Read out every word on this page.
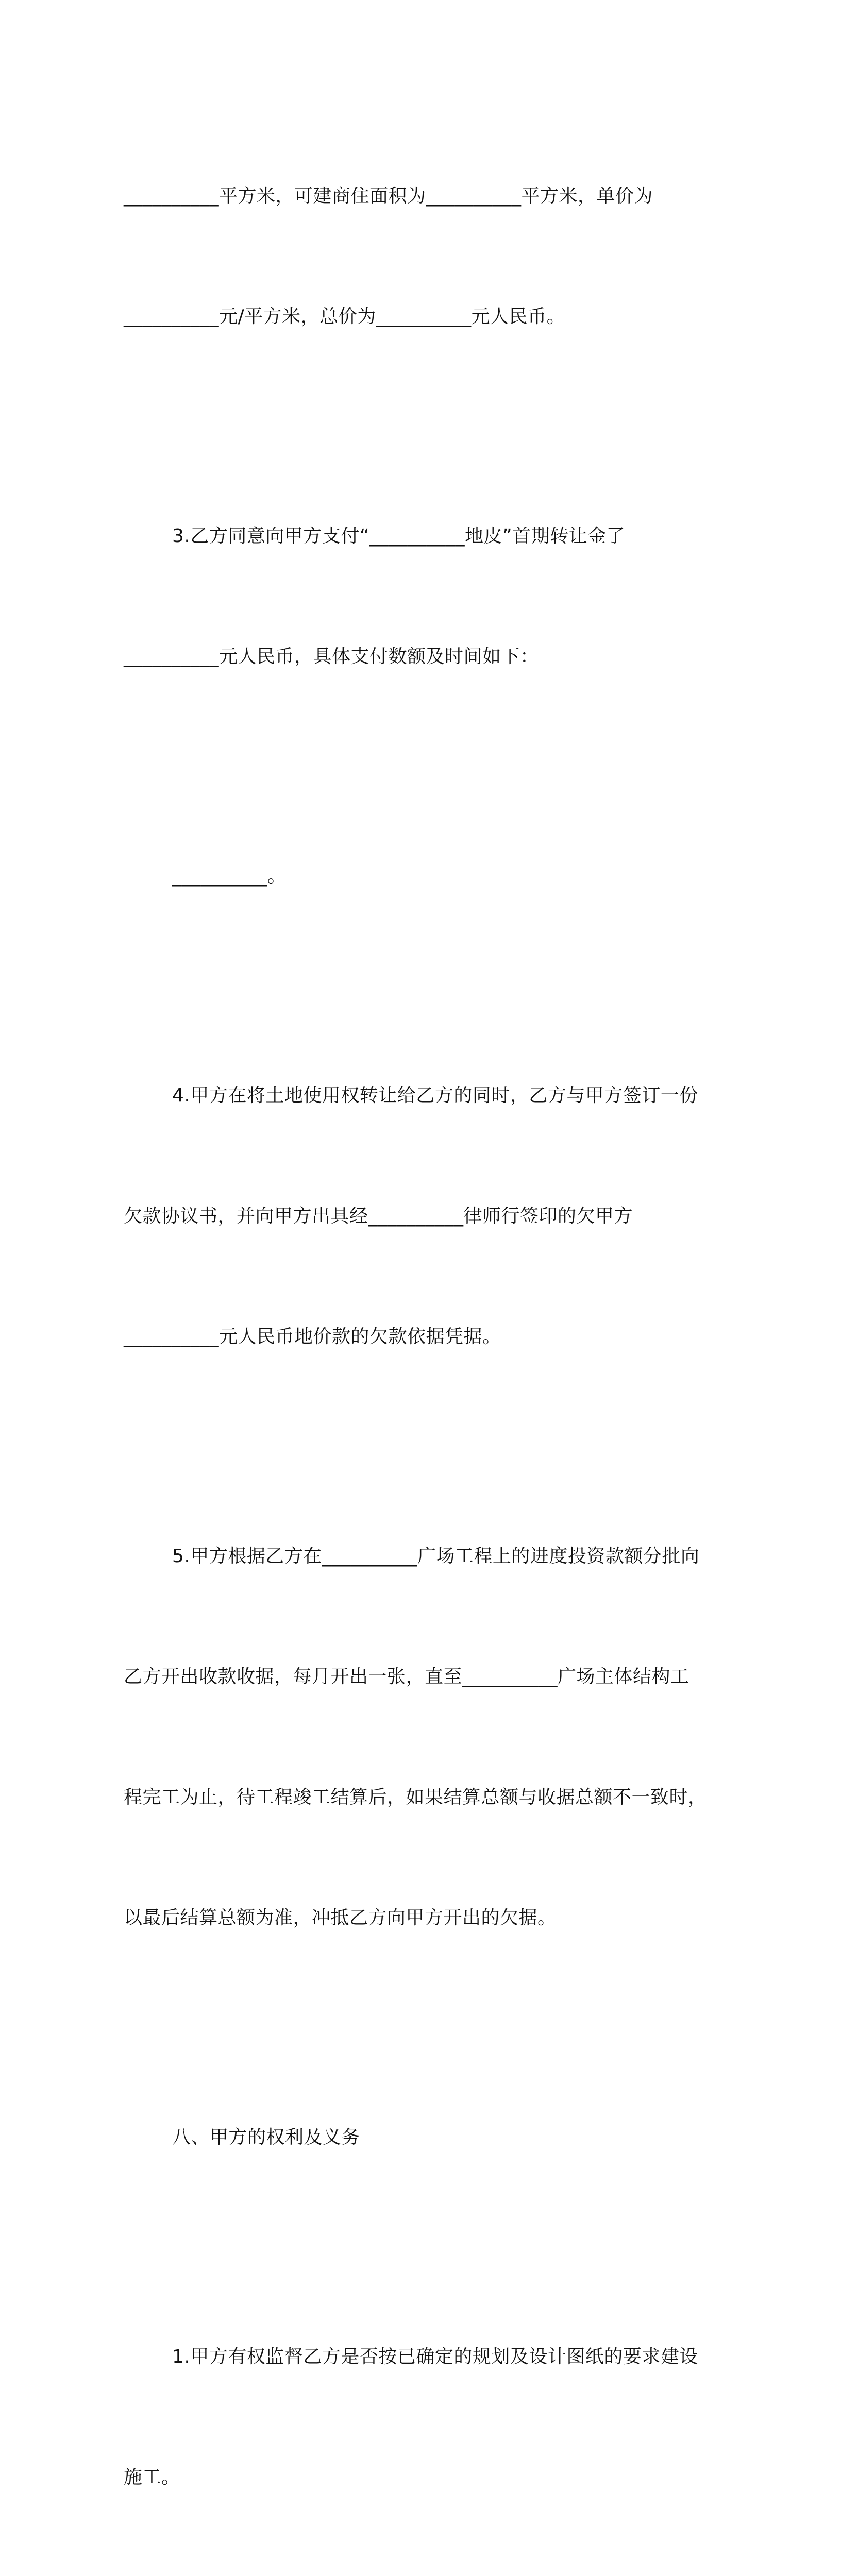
__________平方米，可建商住面积为__________平方米，单价为

__________元/平方米，总价为__________元人民币。

3.乙方同意向甲方支付“__________地皮”首期转让金了

__________元人民币，具体支付数额及时间如下：

__________。

4.甲方在将土地使用权转让给乙方的同时，乙方与甲方签订一份

欠款协议书，并向甲方出具经__________律师行签印的欠甲方

__________元人民币地价款的欠款依据凭据。

5.甲方根据乙方在__________广场工程上的进度投资款额分批向

乙方开出收款收据，每月开出一张，直至__________广场主体结构工

程完工为止，待工程竣工结算后，如果结算总额与收据总额不一致时，

以最后结算总额为准，冲抵乙方向甲方开出的欠据。

八、甲方的权利及义务

1.甲方有权监督乙方是否按已确定的规划及设计图纸的要求建设

施工。
